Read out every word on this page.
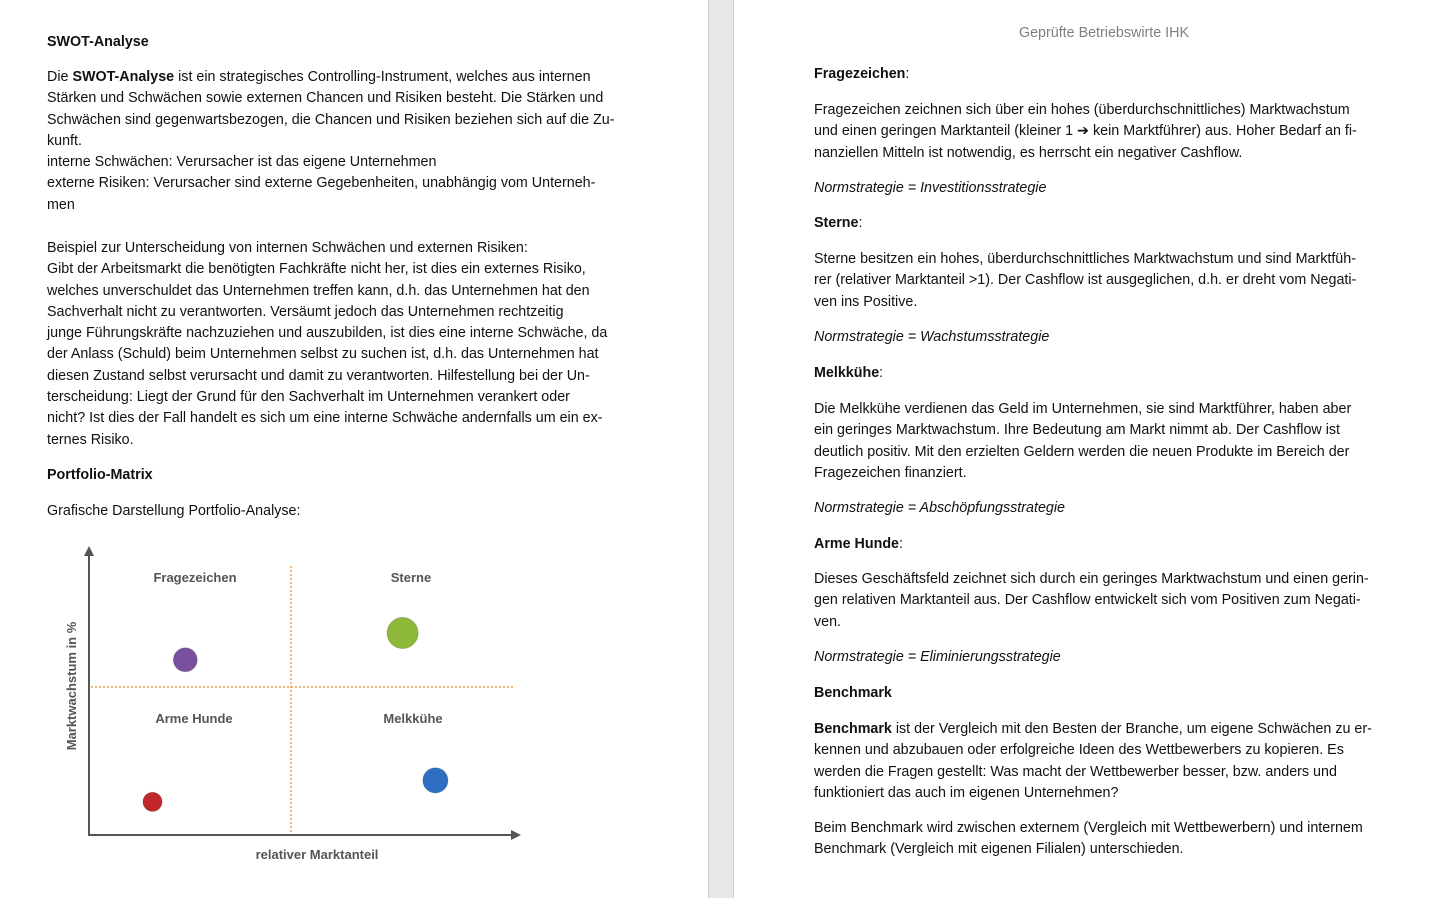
SWOT-Analyse

Die SWOT-Analyse ist ein strategisches Controlling-Instrument, welches aus internen

Stärken und Schwächen sowie externen Chancen und Risiken besteht. Die Stärken und

Schwächen sind gegenwartsbezogen, die Chancen und Risiken beziehen sich auf die Zu-

kunft.

interne Schwächen: Verursacher ist das eigene Unternehmen

externe Risiken: Verursacher sind externe Gegebenheiten, unabhängig vom Unterneh-

men

Beispiel zur Unterscheidung von internen Schwächen und externen Risiken:

Gibt der Arbeitsmarkt die benötigten Fachkräfte nicht her, ist dies ein externes Risiko,

welches unverschuldet das Unternehmen treffen kann, d.h. das Unternehmen hat den

Sachverhalt nicht zu verantworten. Versäumt jedoch das Unternehmen rechtzeitig

junge Führungskräfte nachzuziehen und auszubilden, ist dies eine interne Schwäche, da

der Anlass (Schuld) beim Unternehmen selbst zu suchen ist, d.h. das Unternehmen hat

diesen Zustand selbst verursacht und damit zu verantworten. Hilfestellung bei der Un-

terscheidung: Liegt der Grund für den Sachverhalt im Unternehmen verankert oder

nicht? Ist dies der Fall handelt es sich um eine interne Schwäche andernfalls um ein ex-

ternes Risiko.

Portfolio-Matrix

Grafische Darstellung Portfolio-Analyse:

Fragezeichen	Sterne
Arme Hunde	Melkkühe
relativer Marktanteil
Marktwachstum in %
Geprüfte Betriebswirte IHK

Fragezeichen:

Fragezeichen zeichnen sich über ein hohes (überdurchschnittliches) Marktwachstum

und einen geringen Marktanteil (kleiner 1 ➔ kein Marktführer) aus. Hoher Bedarf an fi-

nanziellen Mitteln ist notwendig, es herrscht ein negativer Cashflow.

Normstrategie = Investitionsstrategie

Sterne:

Sterne besitzen ein hohes, überdurchschnittliches Marktwachstum und sind Marktfüh-

rer (relativer Marktanteil >1). Der Cashflow ist ausgeglichen, d.h. er dreht vom Negati-

ven ins Positive.

Normstrategie = Wachstumsstrategie

Melkkühe:

Die Melkkühe verdienen das Geld im Unternehmen, sie sind Marktführer, haben aber

ein geringes Marktwachstum. Ihre Bedeutung am Markt nimmt ab. Der Cashflow ist

deutlich positiv. Mit den erzielten Geldern werden die neuen Produkte im Bereich der

Fragezeichen finanziert.

Normstrategie = Abschöpfungsstrategie

Arme Hunde:

Dieses Geschäftsfeld zeichnet sich durch ein geringes Marktwachstum und einen gerin-

gen relativen Marktanteil aus. Der Cashflow entwickelt sich vom Positiven zum Negati-

ven.

Normstrategie = Eliminierungsstrategie

Benchmark

Benchmark ist der Vergleich mit den Besten der Branche, um eigene Schwächen zu er-

kennen und abzubauen oder erfolgreiche Ideen des Wettbewerbers zu kopieren. Es

werden die Fragen gestellt: Was macht der Wettbewerber besser, bzw. anders und

funktioniert das auch im eigenen Unternehmen?

Beim Benchmark wird zwischen externem (Vergleich mit Wettbewerbern) und internem

Benchmark (Vergleich mit eigenen Filialen) unterschieden.
